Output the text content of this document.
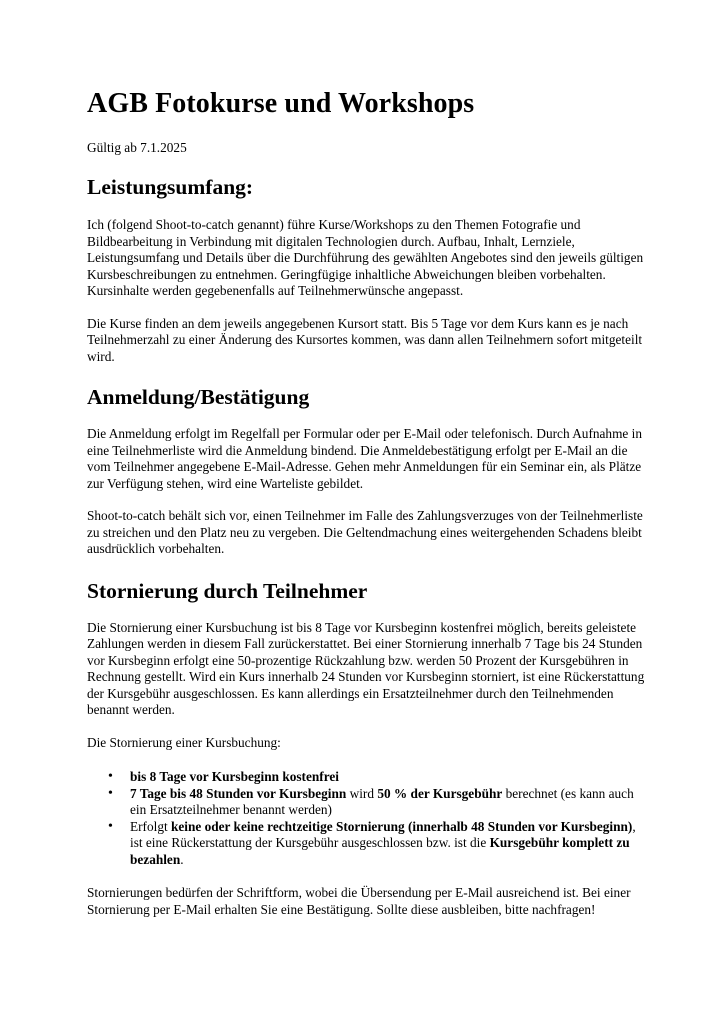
AGB Fotokurse und Workshops

Gültig ab 7.1.2025

Leistungsumfang:

Ich (folgend Shoot-to-catch genannt) führe Kurse/Workshops zu den Themen Fotografie und Bildbearbeitung in Verbindung mit digitalen Technologien durch. Aufbau, Inhalt, Lernziele, Leistungsumfang und Details über die Durchführung des gewählten Angebotes sind den jeweils gültigen Kursbeschreibungen zu entnehmen. Geringfügige inhaltliche Abweichungen bleiben vorbehalten. Kursinhalte werden gegebenenfalls auf Teilnehmerwünsche angepasst.

Die Kurse finden an dem jeweils angegebenen Kursort statt. Bis 5 Tage vor dem Kurs kann es je nach Teilnehmerzahl zu einer Änderung des Kursortes kommen, was dann allen Teilnehmern sofort mitgeteilt wird.

Anmeldung/Bestätigung

Die Anmeldung erfolgt im Regelfall per Formular oder per E-Mail oder telefonisch. Durch Aufnahme in eine Teilnehmerliste wird die Anmeldung bindend. Die Anmeldebestätigung erfolgt per E-Mail an die vom Teilnehmer angegebene E-Mail-Adresse. Gehen mehr Anmeldungen für ein Seminar ein, als Plätze zur Verfügung stehen, wird eine Warteliste gebildet.

Shoot-to-catch behält sich vor, einen Teilnehmer im Falle des Zahlungsverzuges von der Teilnehmerliste zu streichen und den Platz neu zu vergeben. Die Geltendmachung eines weitergehenden Schadens bleibt ausdrücklich vorbehalten.

Stornierung durch Teilnehmer

Die Stornierung einer Kursbuchung ist bis 8 Tage vor Kursbeginn kostenfrei möglich, bereits geleistete Zahlungen werden in diesem Fall zurückerstattet. Bei einer Stornierung innerhalb 7 Tage bis 24 Stunden vor Kursbeginn erfolgt eine 50-prozentige Rückzahlung bzw. werden 50 Prozent der Kursgebühren in Rechnung gestellt. Wird ein Kurs innerhalb 24 Stunden vor Kursbeginn storniert, ist eine Rückerstattung der Kursgebühr ausgeschlossen. Es kann allerdings ein Ersatzteilnehmer durch den Teilnehmenden benannt werden.

Die Stornierung einer Kursbuchung:

• bis 8 Tage vor Kursbeginn kostenfrei
• 7 Tage bis 48 Stunden vor Kursbeginn wird 50 % der Kursgebühr berechnet (es kann auch ein Ersatzteilnehmer benannt werden)
• Erfolgt keine oder keine rechtzeitige Stornierung (innerhalb 48 Stunden vor Kursbeginn), ist eine Rückerstattung der Kursgebühr ausgeschlossen bzw. ist die Kursgebühr komplett zu bezahlen.

Stornierungen bedürfen der Schriftform, wobei die Übersendung per E-Mail ausreichend ist. Bei einer Stornierung per E-Mail erhalten Sie eine Bestätigung. Sollte diese ausbleiben, bitte nachfragen!
